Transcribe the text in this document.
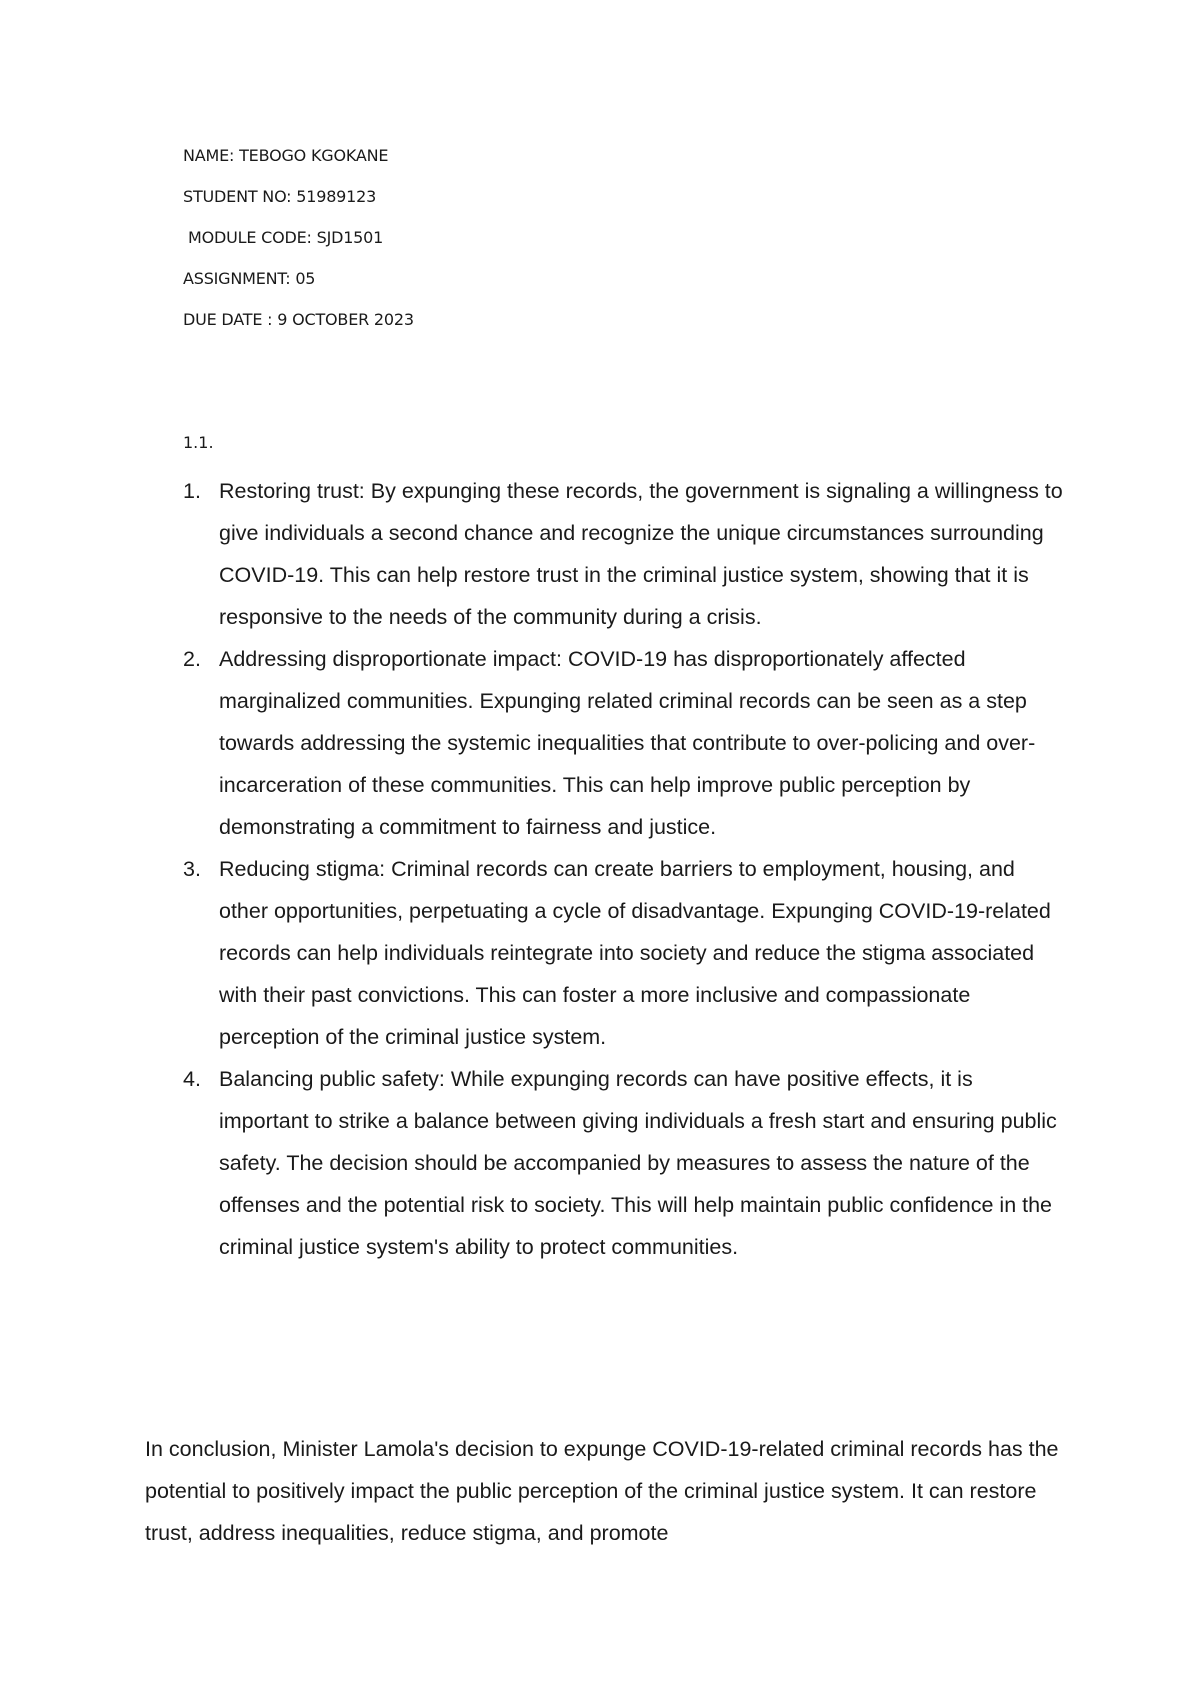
NAME: TEBOGO KGOKANE
STUDENT NO: 51989123
MODULE CODE: SJD1501
ASSIGNMENT: 05
DUE DATE : 9 OCTOBER 2023
1.1.
1. Restoring trust: By expunging these records, the government is signaling a willingness to give individuals a second chance and recognize the unique circumstances surrounding COVID-19. This can help restore trust in the criminal justice system, showing that it is responsive to the needs of the community during a crisis.
2. Addressing disproportionate impact: COVID-19 has disproportionately affected marginalized communities. Expunging related criminal records can be seen as a step towards addressing the systemic inequalities that contribute to over-policing and over-incarceration of these communities. This can help improve public perception by demonstrating a commitment to fairness and justice.
3. Reducing stigma: Criminal records can create barriers to employment, housing, and other opportunities, perpetuating a cycle of disadvantage. Expunging COVID-19-related records can help individuals reintegrate into society and reduce the stigma associated with their past convictions. This can foster a more inclusive and compassionate perception of the criminal justice system.
4. Balancing public safety: While expunging records can have positive effects, it is important to strike a balance between giving individuals a fresh start and ensuring public safety. The decision should be accompanied by measures to assess the nature of the offenses and the potential risk to society. This will help maintain public confidence in the criminal justice system's ability to protect communities.

In conclusion, Minister Lamola's decision to expunge COVID-19-related criminal records has the potential to positively impact the public perception of the criminal justice system. It can restore trust, address inequalities, reduce stigma, and promote
